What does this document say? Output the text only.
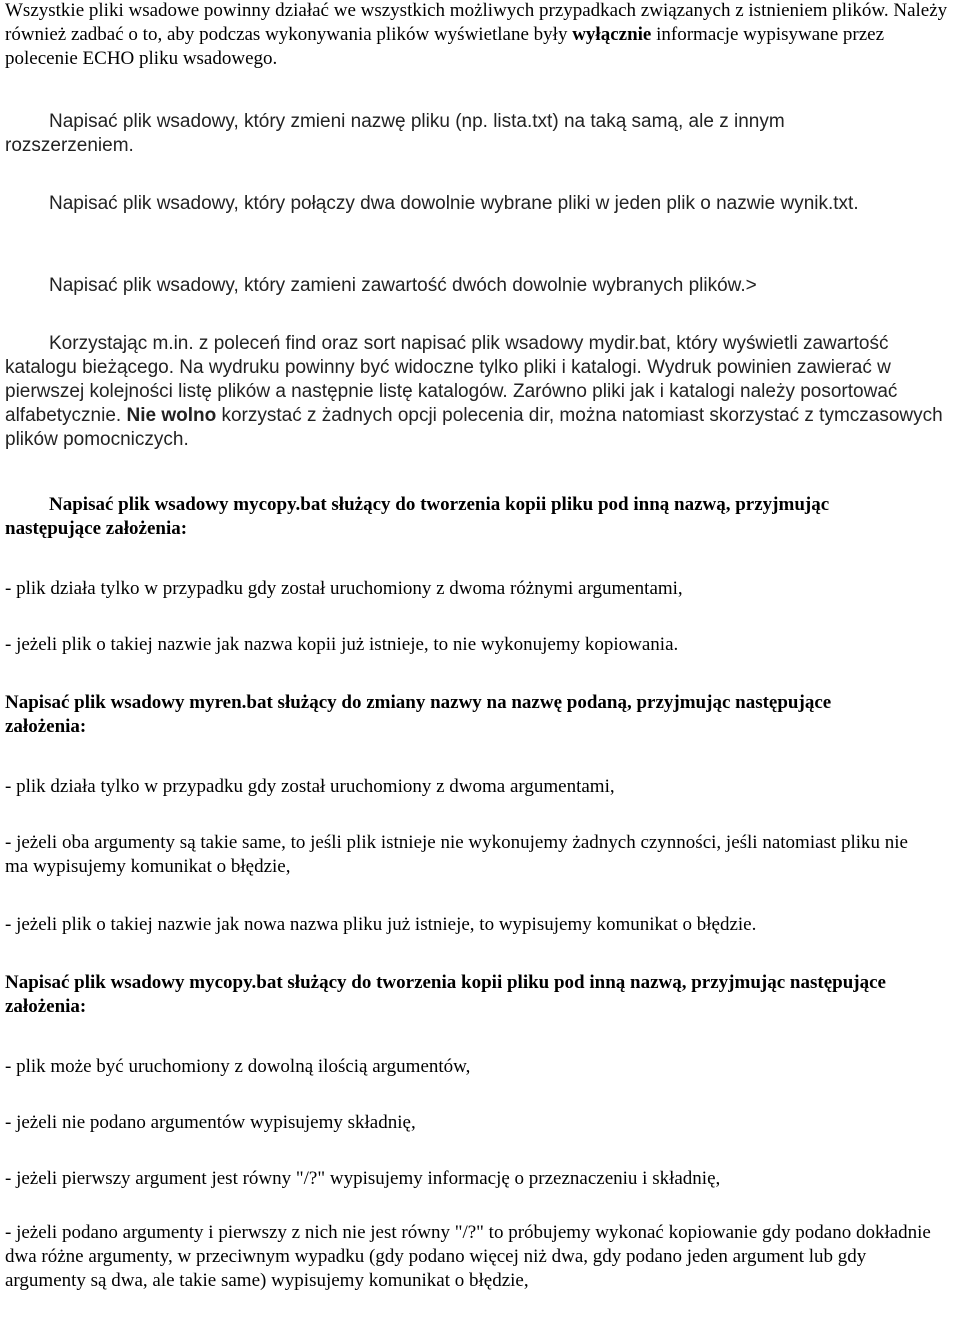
Wszystkie pliki wsadowe powinny działać we wszystkich możliwych przypadkach związanych z istnieniem plików. Należy również zadbać o to, aby podczas wykonywania plików wyświetlane były wyłącznie informacje wypisywane przez polecenie ECHO pliku wsadowego.

Napisać plik wsadowy, który zmieni nazwę pliku (np. lista.txt) na taką samą, ale z innym rozszerzeniem.

Napisać plik wsadowy, który połączy dwa dowolnie wybrane pliki w jeden plik o nazwie wynik.txt.

Napisać plik wsadowy, który zamieni zawartość dwóch dowolnie wybranych plików.>

Korzystając m.in. z poleceń find oraz sort napisać plik wsadowy mydir.bat, który wyświetli zawartość katalogu bieżącego. Na wydruku powinny być widoczne tylko pliki i katalogi. Wydruk powinien zawierać w pierwszej kolejności listę plików a następnie listę katalogów. Zarówno pliki jak i katalogi należy posortować alfabetycznie. Nie wolno korzystać z żadnych opcji polecenia dir, można natomiast skorzystać z tymczasowych plików pomocniczych.

Napisać plik wsadowy mycopy.bat służący do tworzenia kopii pliku pod inną nazwą, przyjmując następujące założenia:

- plik działa tylko w przypadku gdy został uruchomiony z dwoma różnymi argumentami,

- jeżeli plik o takiej nazwie jak nazwa kopii już istnieje, to nie wykonujemy kopiowania.

Napisać plik wsadowy myren.bat służący do zmiany nazwy na nazwę podaną, przyjmując następujące założenia:

- plik działa tylko w przypadku gdy został uruchomiony z dwoma argumentami,

- jeżeli oba argumenty są takie same, to jeśli plik istnieje nie wykonujemy żadnych czynności, jeśli natomiast pliku nie ma wypisujemy komunikat o błędzie,

- jeżeli plik o takiej nazwie jak nowa nazwa pliku już istnieje, to wypisujemy komunikat o błędzie.

Napisać plik wsadowy mycopy.bat służący do tworzenia kopii pliku pod inną nazwą, przyjmując następujące założenia:

- plik może być uruchomiony z dowolną ilością argumentów,

- jeżeli nie podano argumentów wypisujemy składnię,

- jeżeli pierwszy argument jest równy "/?" wypisujemy informację o przeznaczeniu i składnię,

- jeżeli podano argumenty i pierwszy z nich nie jest równy "/?" to próbujemy wykonać kopiowanie gdy podano dokładnie dwa różne argumenty, w przeciwnym wypadku (gdy podano więcej niż dwa, gdy podano jeden argument lub gdy argumenty są dwa, ale takie same) wypisujemy komunikat o błędzie,
